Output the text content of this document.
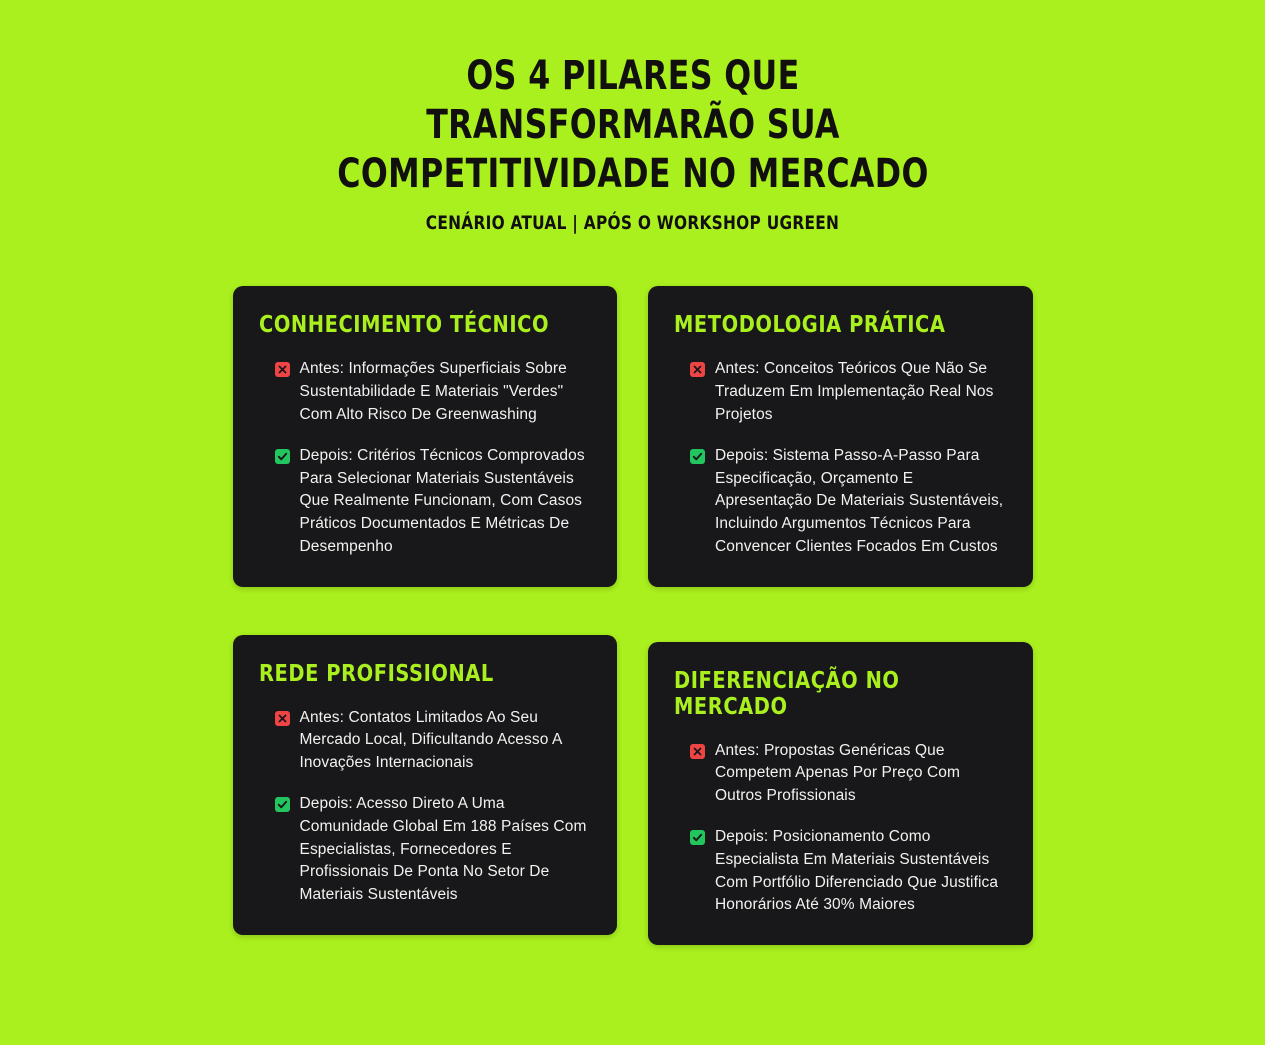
OS 4 PILARES QUE TRANSFORMARÃO SUA COMPETITIVIDADE NO MERCADO
CENÁRIO ATUAL | APÓS O WORKSHOP UGREEN
CONHECIMENTO TÉCNICO
Antes: Informações Superficiais Sobre Sustentabilidade E Materiais "Verdes" Com Alto Risco De Greenwashing
Depois: Critérios Técnicos Comprovados Para Selecionar Materiais Sustentáveis Que Realmente Funcionam, Com Casos Práticos Documentados E Métricas De Desempenho
REDE PROFISSIONAL
Antes: Contatos Limitados Ao Seu Mercado Local, Dificultando Acesso A Inovações Internacionais
Depois: Acesso Direto A Uma Comunidade Global Em 188 Países Com Especialistas, Fornecedores E Profissionais De Ponta No Setor De Materiais Sustentáveis
METODOLOGIA PRÁTICA
Antes: Conceitos Teóricos Que Não Se Traduzem Em Implementação Real Nos Projetos
Depois: Sistema Passo-A-Passo Para Especificação, Orçamento E Apresentação De Materiais Sustentáveis, Incluindo Argumentos Técnicos Para Convencer Clientes Focados Em Custos
DIFERENCIAÇÃO NO MERCADO
Antes: Propostas Genéricas Que Competem Apenas Por Preço Com Outros Profissionais
Depois: Posicionamento Como Especialista Em Materiais Sustentáveis Com Portfólio Diferenciado Que Justifica Honorários Até 30% Maiores
